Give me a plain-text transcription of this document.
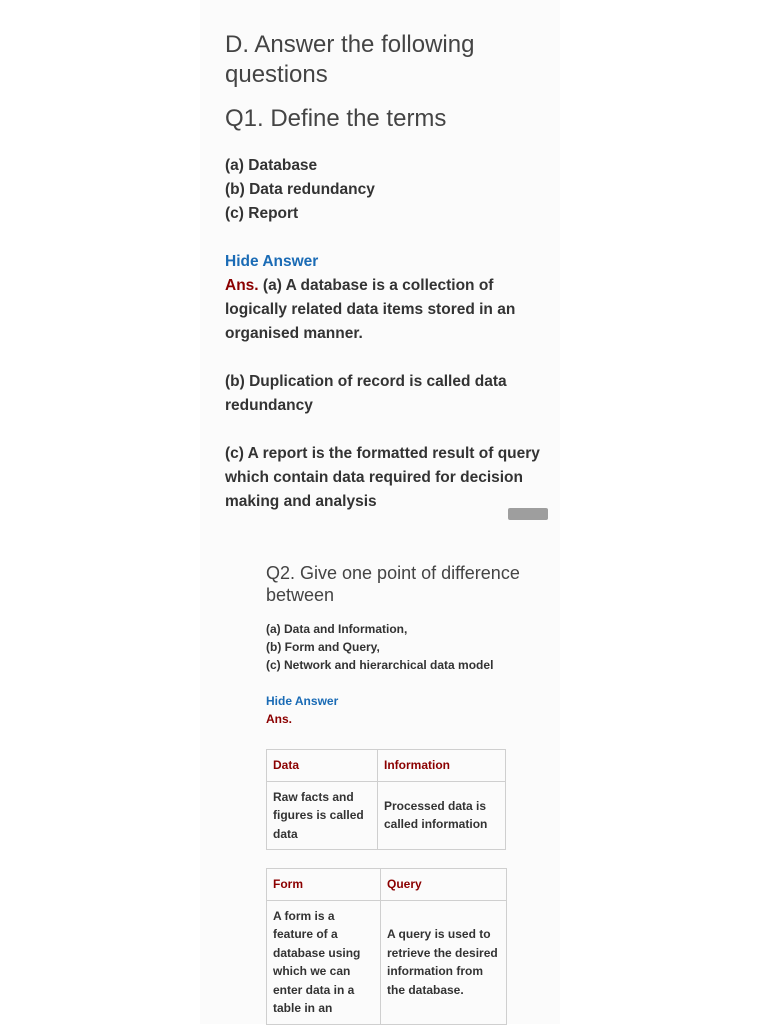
D. Answer the following questions
Q1. Define the terms
(a) Database
(b) Data redundancy
(c) Report
Hide Answer

Ans. (a) A database is a collection of logically related data items stored in an organised manner.

(b) Duplication of record is called data redundancy

(c) A report is the formatted result of query which contain data required for decision making and analysis

Q2. Give one point of difference between
(a) Data and Information,
(b) Form and Query,
(c) Network and hierarchical data model
Hide Answer
Ans.
Data	Information
Raw facts and figures is called data	Processed data is called information
Form	Query
A form is a feature of a database using which we can enter data in a table in an	A query is used to retrieve the desired information from the database.
